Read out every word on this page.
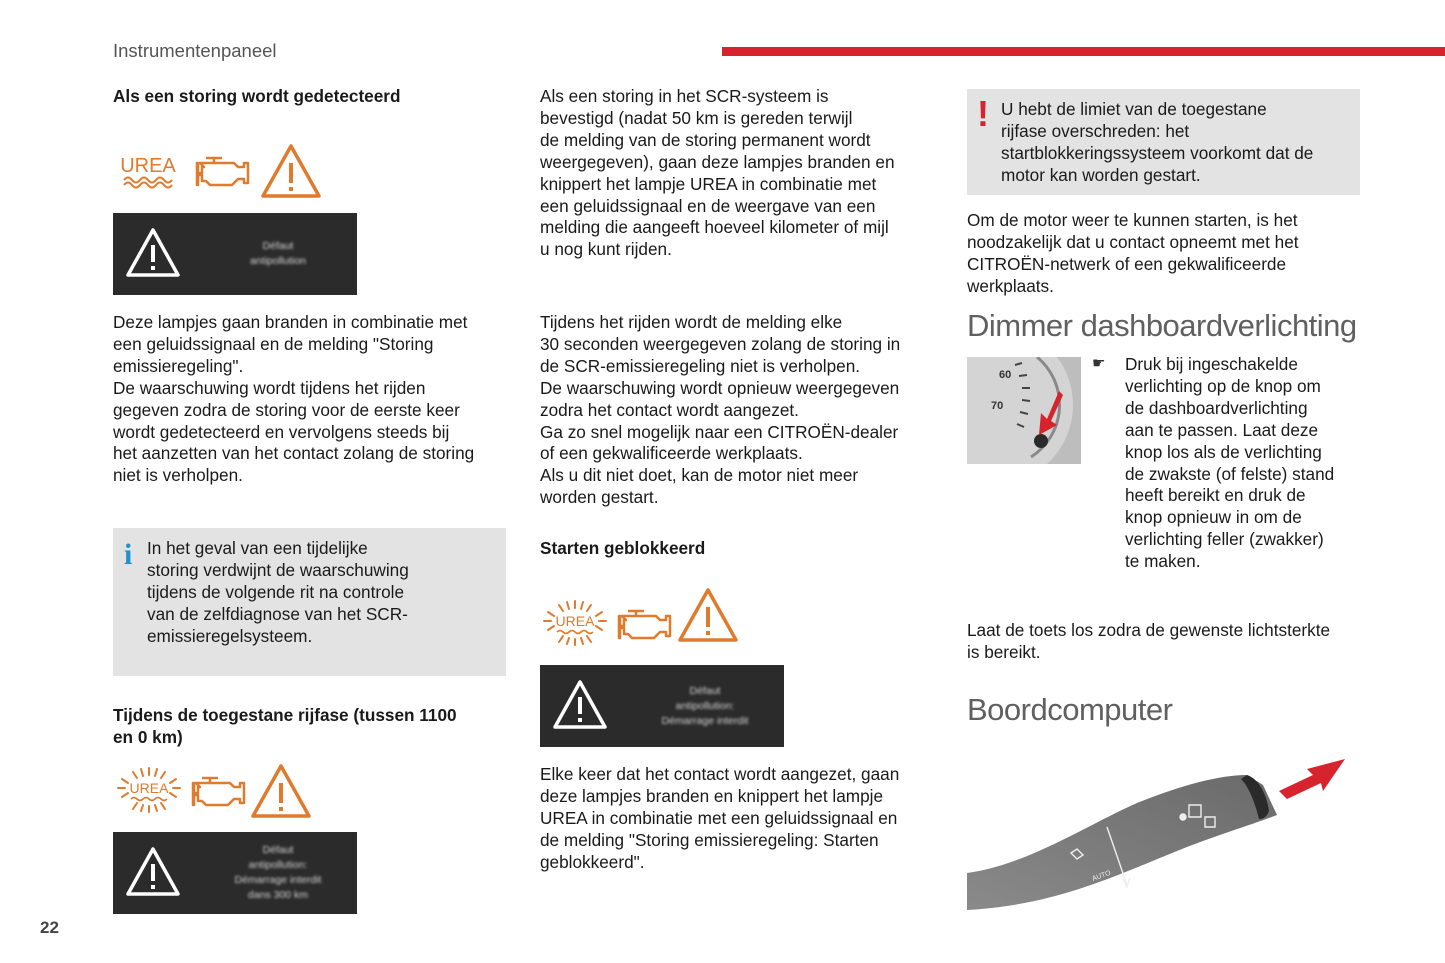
Instrumentenpaneel
22

Als een storing wordt gedetecteerd

UREA
Défaut
antipollution

Deze lampjes gaan branden in combinatie met
een geluidssignaal en de melding "Storing
emissieregeling".
De waarschuwing wordt tijdens het rijden
gegeven zodra de storing voor de eerste keer
wordt gedetecteerd en vervolgens steeds bij
het aanzetten van het contact zolang de storing
niet is verholpen.

i In het geval van een tijdelijke
storing verdwijnt de waarschuwing
tijdens de volgende rit na controle
van de zelfdiagnose van het SCR-
emissieregelsysteem.

Tijdens de toegestane rijfase (tussen 1100
en 0 km)

UREA
Défaut
antipollution:
Démarrage interdit
dans 300 km

Als een storing in het SCR-systeem is
bevestigd (nadat 50 km is gereden terwijl
de melding van de storing permanent wordt
weergegeven), gaan deze lampjes branden en
knippert het lampje UREA in combinatie met
een geluidssignaal en de weergave van een
melding die aangeeft hoeveel kilometer of mijl
u nog kunt rijden.

Tijdens het rijden wordt de melding elke
30 seconden weergegeven zolang de storing in
de SCR-emissieregeling niet is verholpen.
De waarschuwing wordt opnieuw weergegeven
zodra het contact wordt aangezet.
Ga zo snel mogelijk naar een CITROËN-dealer
of een gekwalificeerde werkplaats.
Als u dit niet doet, kan de motor niet meer
worden gestart.

Starten geblokkeerd

UREA
Défaut
antipollution:
Démarrage interdit

Elke keer dat het contact wordt aangezet, gaan
deze lampjes branden en knippert het lampje
UREA in combinatie met een geluidssignaal en
de melding "Storing emissieregeling: Starten
geblokkeerd".

! U hebt de limiet van de toegestane
rijfase overschreden: het
startblokkeringssysteem voorkomt dat de
motor kan worden gestart.

Om de motor weer te kunnen starten, is het
noodzakelijk dat u contact opneemt met het
CITROËN-netwerk of een gekwalificeerde
werkplaats.

Dimmer dashboardverlichting
60
70
☛ Druk bij ingeschakelde
verlichting op de knop om
de dashboardverlichting
aan te passen. Laat deze
knop los als de verlichting
de zwakste (of felste) stand
heeft bereikt en druk de
knop opnieuw in om de
verlichting feller (zwakker)
te maken.

Laat de toets los zodra de gewenste lichtsterkte
is bereikt.

Boordcomputer
AUTO
